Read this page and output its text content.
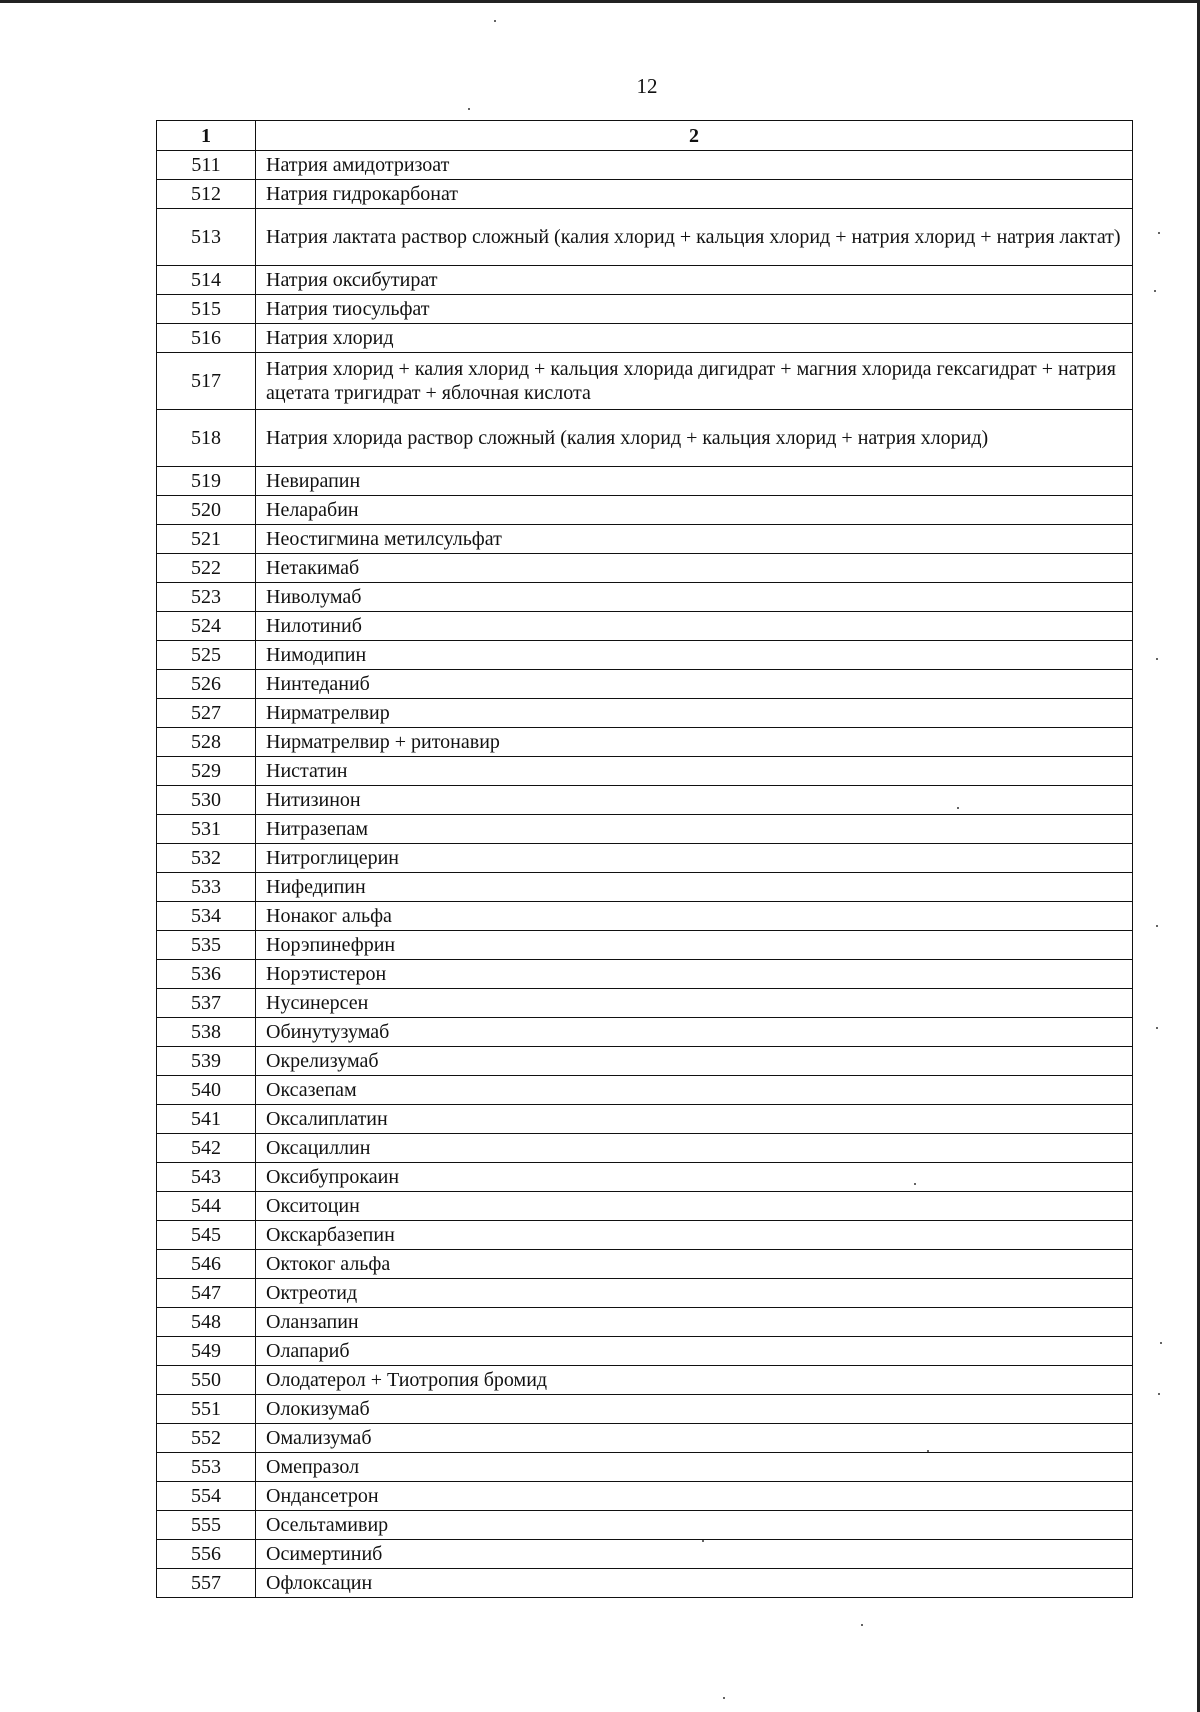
12
1	2
511	Натрия амидотризоат
512	Натрия гидрокарбонат
513	Натрия лактата раствор сложный (калия хлорид + кальция хлорид + натрия хлорид + натрия лактат)
514	Натрия оксибутират
515	Натрия тиосульфат
516	Натрия хлорид
517	Натрия хлорид + калия хлорид + кальция хлорида дигидрат + магния хлорида гексагидрат + натрия ацетата тригидрат + яблочная кислота
518	Натрия хлорида раствор сложный (калия хлорид + кальция хлорид + натрия хлорид)
519	Невирапин
520	Неларабин
521	Неостигмина метилсульфат
522	Нетакимаб
523	Ниволумаб
524	Нилотиниб
525	Нимодипин
526	Нинтеданиб
527	Нирматрелвир
528	Нирматрелвир + ритонавир
529	Нистатин
530	Нитизинон
531	Нитразепам
532	Нитроглицерин
533	Нифедипин
534	Нонаког альфа
535	Норэпинефрин
536	Норэтистерон
537	Нусинерсен
538	Обинутузумаб
539	Окрелизумаб
540	Оксазепам
541	Оксалиплатин
542	Оксациллин
543	Оксибупрокаин
544	Окситоцин
545	Окскарбазепин
546	Октоког альфа
547	Октреотид
548	Оланзапин
549	Олапариб
550	Олодатерол + Тиотропия бромид
551	Олокизумаб
552	Омализумаб
553	Омепразол
554	Ондансетрон
555	Осельтамивир
556	Осимертиниб
557	Офлоксацин
